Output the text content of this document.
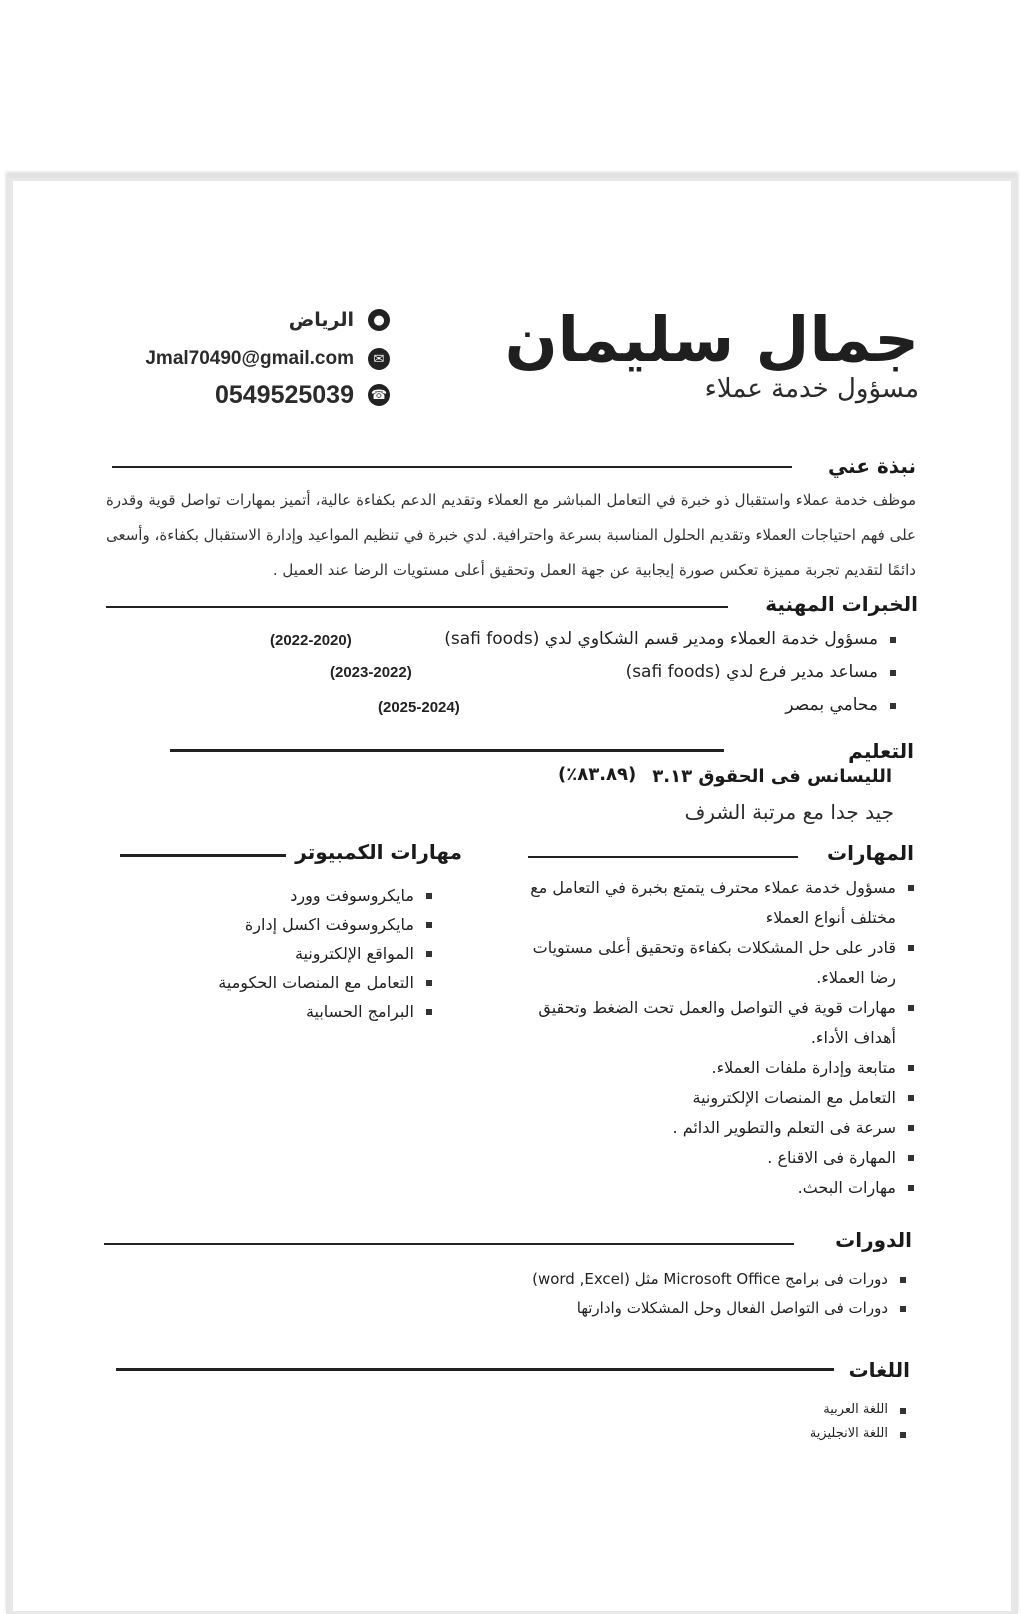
جمال سليمان
مسؤول خدمة عملاء
●
الرياض
✉
Jmal70490@gmail.com
☎
0549525039
نبذة عني
موظف خدمة عملاء واستقبال ذو خبرة في التعامل المباشر مع العملاء وتقديم الدعم بكفاءة عالية، أتميز بمهارات تواصل قوية وقدرة على فهم احتياجات العملاء وتقديم الحلول المناسبة بسرعة واحترافية. لدي خبرة في تنظيم المواعيد وإدارة الاستقبال بكفاءة، وأسعى دائمًا لتقديم تجربة مميزة تعكس صورة إيجابية عن جهة العمل وتحقيق أعلى مستويات الرضا عند العميل .
الخبرات المهنية
مسؤول خدمة العملاء ومدير قسم الشكاوي لدي (safi foods)
مساعد مدير فرع لدي (safi foods)
محامي بمصر
(2022-2020)
(2023-2022)
(2025-2024)
التعليم
الليسانس فى الحقوق ٣.١٣
(٨٣.٨٩٪)
جيد جدا مع مرتبة الشرف
المهارات
مسؤول خدمة عملاء محترف يتمتع بخبرة في التعامل مع مختلف أنواع العملاء
قادر على حل المشكلات بكفاءة وتحقيق أعلى مستويات رضا العملاء.
مهارات قوية في التواصل والعمل تحت الضغط وتحقيق أهداف الأداء.
متابعة وإدارة ملفات العملاء.
التعامل مع المنصات الإلكترونية
سرعة فى التعلم والتطوير الدائم .
المهارة فى الاقناع .
مهارات البحث.
مهارات الكمبيوتر
مايكروسوفت وورد
مايكروسوفت اكسل إدارة
المواقع الإلكترونية
التعامل مع المنصات الحكومية
البرامج الحسابية
الدورات
دورات فى برامج Microsoft Office مثل (word ,Excel)
دورات فى التواصل الفعال وحل المشكلات وادارتها
اللغات
اللغة العربية
اللغة الانجليزية
